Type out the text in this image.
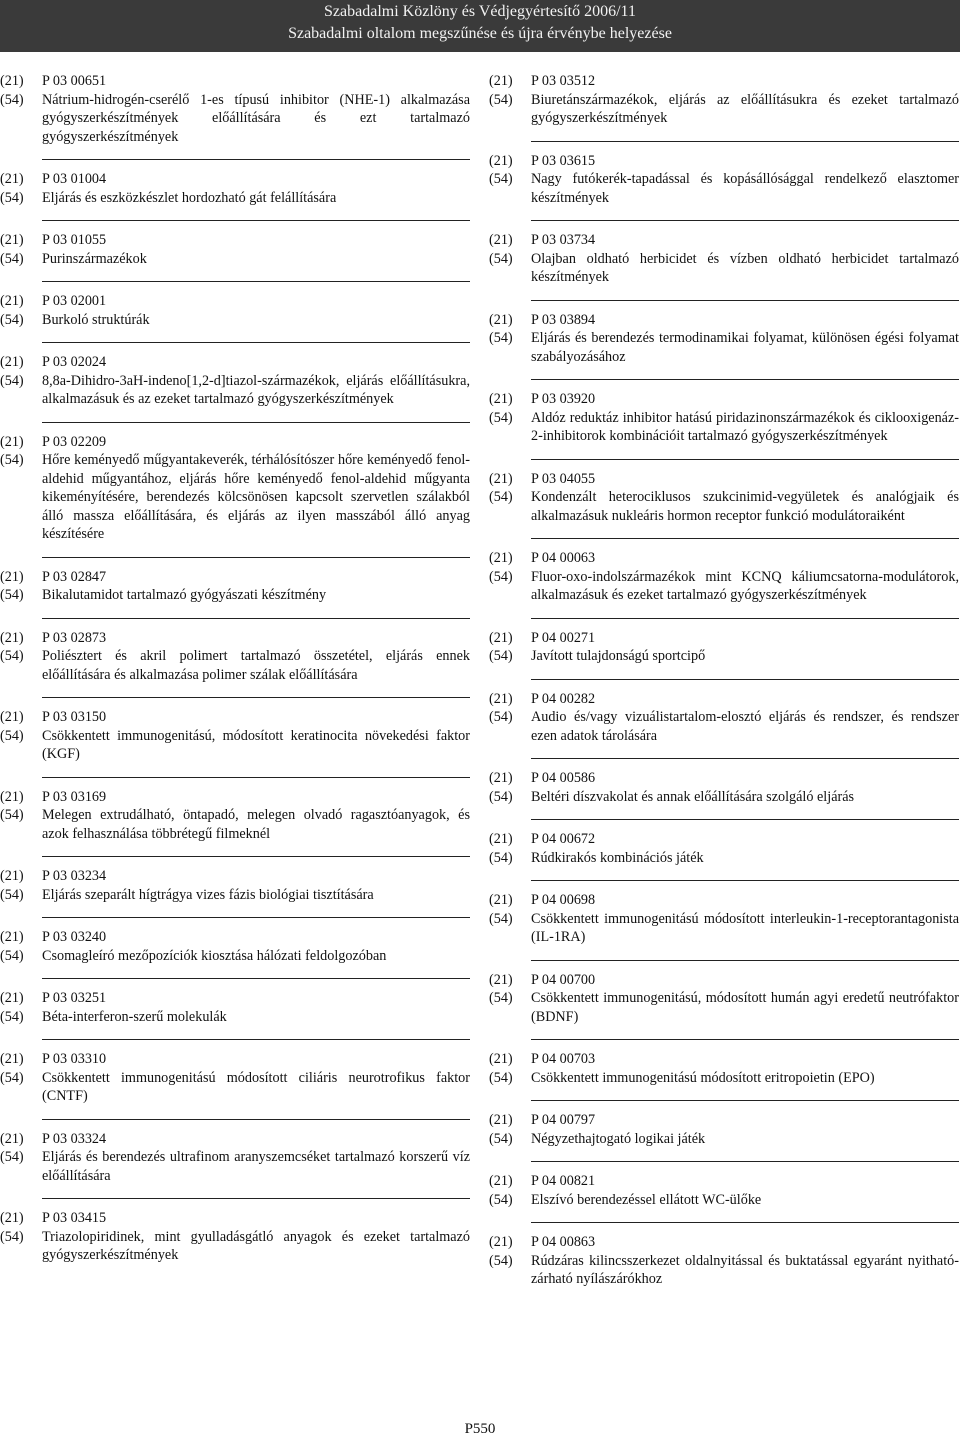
Szabadalmi Közlöny és Védjegyértesítő 2006/11
Szabadalmi oltalom megszűnése és újra érvénybe helyezése
(21)	P 03 00651
(54)	Nátrium-hidrogén-cserélő 1-es típusú inhibitor (NHE-1) alkalmazása gyógyszerkészítmények előállítására és ezt tartalmazó gyógyszerkészítmények
(21)	P 03 01004
(54)	Eljárás és eszközkészlet hordozható gát felállítására
(21)	P 03 01055
(54)	Purinszármazékok
(21)	P 03 02001
(54)	Burkoló struktúrák
(21)	P 03 02024
(54)	8,8a-Dihidro-3aH-indeno[1,2-d]tiazol-származékok, eljárás előállításukra, alkalmazásuk és az ezeket tartalmazó gyógyszerkészítmények
(21)	P 03 02209
(54)	Hőre keményedő műgyantakeverék, térhálósítószer hőre keményedő fenol-aldehid műgyantához, eljárás hőre keményedő fenol-aldehid műgyanta kikeményítésére, berendezés kölcsönösen kapcsolt szervetlen szálakból álló massza előállítására, és eljárás az ilyen masszából álló anyag készítésére
(21)	P 03 02847
(54)	Bikalutamidot tartalmazó gyógyászati készítmény
(21)	P 03 02873
(54)	Poliésztert és akril polimert tartalmazó összetétel, eljárás ennek előállítására és alkalmazása polimer szálak előállítására
(21)	P 03 03150
(54)	Csökkentett immunogenitású, módosított keratinocita növekedési faktor (KGF)
(21)	P 03 03169
(54)	Melegen extrudálható, öntapadó, melegen olvadó ragasztóanyagok, és azok felhasználása többrétegű filmeknél
(21)	P 03 03234
(54)	Eljárás szeparált hígtrágya vizes fázis biológiai tisztítására
(21)	P 03 03240
(54)	Csomagleíró mezőpozíciók kiosztása hálózati feldolgozóban
(21)	P 03 03251
(54)	Béta-interferon-szerű molekulák
(21)	P 03 03310
(54)	Csökkentett immunogenitású módosított ciliáris neurotrofikus faktor (CNTF)
(21)	P 03 03324
(54)	Eljárás és berendezés ultrafinom aranyszemcséket tartalmazó korszerű víz előállítására
(21)	P 03 03415
(54)	Triazolopiridinek, mint gyulladásgátló anyagok és ezeket tartalmazó gyógyszerkészítmények
(21)	P 03 03512
(54)	Biuretánszármazékok, eljárás az előállításukra és ezeket tartalmazó gyógyszerkészítmények
(21)	P 03 03615
(54)	Nagy futókerék-tapadással és kopásállósággal rendelkező elasztomer készítmények
(21)	P 03 03734
(54)	Olajban oldható herbicidet és vízben oldható herbicidet tartalmazó készítmények
(21)	P 03 03894
(54)	Eljárás és berendezés termodinamikai folyamat, különösen égési folyamat szabályozásához
(21)	P 03 03920
(54)	Aldóz reduktáz inhibitor hatású piridazinonszármazékok és ciklooxigenáz-2-inhibitorok kombinációit tartalmazó gyógyszerkészítmények
(21)	P 03 04055
(54)	Kondenzált heterociklusos szukcinimid-vegyületek és analógjaik és alkalmazásuk nukleáris hormon receptor funkció modulátoraiként
(21)	P 04 00063
(54)	Fluor-oxo-indolszármazékok mint KCNQ káliumcsatorna-modulátorok, alkalmazásuk és ezeket tartalmazó gyógyszerkészítmények
(21)	P 04 00271
(54)	Javított tulajdonságú sportcipő
(21)	P 04 00282
(54)	Audio és/vagy vizuálistartalom-elosztó eljárás és rendszer, és rendszer ezen adatok tárolására
(21)	P 04 00586
(54)	Beltéri díszvakolat és annak előállítására szolgáló eljárás
(21)	P 04 00672
(54)	Rúdkirakós kombinációs játék
(21)	P 04 00698
(54)	Csökkentett immunogenitású módosított interleukin-1-receptorantagonista (IL-1RA)
(21)	P 04 00700
(54)	Csökkentett immunogenitású, módosított humán agyi eredetű neutrófaktor (BDNF)
(21)	P 04 00703
(54)	Csökkentett immunogenitású módosított eritropoietin (EPO)
(21)	P 04 00797
(54)	Négyzethajtogató logikai játék
(21)	P 04 00821
(54)	Elszívó berendezéssel ellátott WC-ülőke
(21)	P 04 00863
(54)	Rúdzáras kilincsszerkezet oldalnyitással és buktatással egyaránt nyitható-zárható nyílászárókhoz
P550
